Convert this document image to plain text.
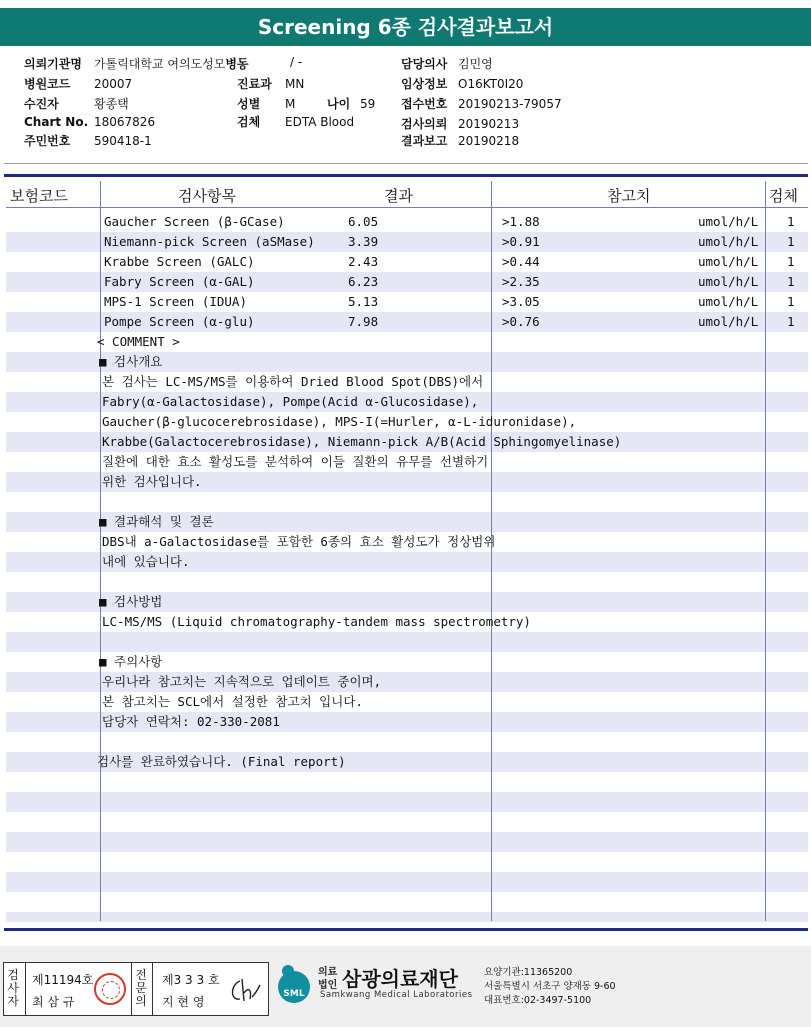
Screening 6종 검사결과보고서
의뢰기관명 가톨릭대학교 여의도성모병동	/ -	담당의사 김민영
병원코드 20007	진료과 MN	임상정보 O16KT0I20
수진자	황종택	성별 M	나이 59 접수번호 20190213-79057
Chart No. 18067826	검체 EDTA Blood	검사의뢰 20190213
주민번호 590418-1	결과보고 20190218
보험코드	검사항목	결과	참고치	검체
Gaucher Screen (β-GCase)	6.05	>1.88	umol/h/L 1
Niemann-pick Screen (aSMase)	3.39	>0.91	umol/h/L 1
Krabbe Screen (GALC)	2.43	>0.44	umol/h/L 1
Fabry Screen (α-GAL)	6.23	>2.35	umol/h/L 1
MPS-1 Screen (IDUA)	5.13	>3.05	umol/h/L 1
Pompe Screen (α-glu)	7.98	>0.76	umol/h/L 1
< COMMENT >
■ 검사개요
본 검사는 LC-MS/MS를 이용하여 Dried Blood Spot(DBS)에서
Fabry(α-Galactosidase), Pompe(Acid α-Glucosidase),
Gaucher(β-glucocerebrosidase), MPS-I(=Hurler, α-L-iduronidase),
Krabbe(Galactocerebrosidase), Niemann-pick A/B(Acid Sphingomyelinase)
질환에 대한 효소 활성도를 분석하여 이들 질환의 유무를 선별하기
위한 검사입니다.
■ 결과해석 및 결론
DBS내 a-Galactosidase를 포함한 6종의 효소 활성도가 정상범위
내에 있습니다.
■ 검사방법
LC-MS/MS (Liquid chromatography-tandem mass spectrometry)
■ 주의사항
우리나라 참고치는 지속적으로 업데이트 중이며,
본 참고치는 SCL에서 설정한 참고치 입니다.
담당자 연락처: 02-330-2081
검사를 완료하였습니다. (Final report)
검사자
제11194호
최 삼 규
전문의
제3 3 3 호
지 현 영
SML
의료 법인 삼광의료재단
Samkwang Medical Laboratories
요양기관:11365200
서울특별시 서초구 양재동 9-60
대표번호:02-3497-5100
